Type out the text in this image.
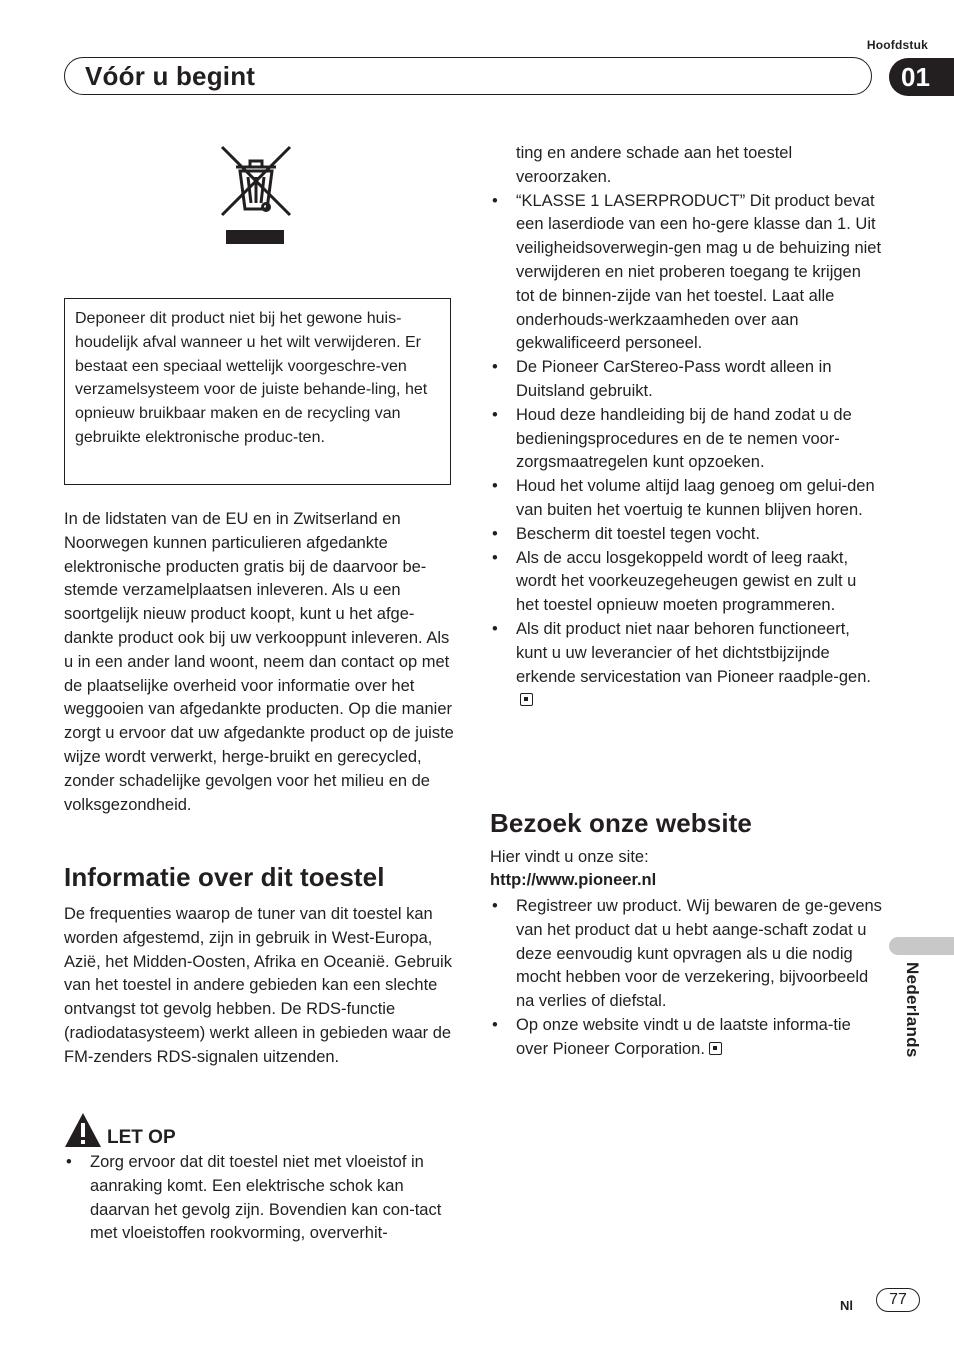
Hoofdstuk
Vóór u begint	01
Deponeer dit product niet bij het gewone huis-houdelijk afval wanneer u het wilt verwijderen. Er bestaat een speciaal wettelijk voorgeschre-ven verzamelsysteem voor de juiste behande-ling, het opnieuw bruikbaar maken en de recycling van gebruikte elektronische produc-ten.
In de lidstaten van de EU en in Zwitserland en Noorwegen kunnen particulieren afgedankte elektronische producten gratis bij de daarvoor be-stemde verzamelplaatsen inleveren. Als u een soortgelijk nieuw product koopt, kunt u het afge-dankte product ook bij uw verkooppunt inleveren. Als u in een ander land woont, neem dan contact op met de plaatselijke overheid voor informatie over het weggooien van afgedankte producten. Op die manier zorgt u ervoor dat uw afgedankte product op de juiste wijze wordt verwerkt, herge-bruikt en gerecycled, zonder schadelijke gevolgen voor het milieu en de volksgezondheid.
Informatie over dit toestel
De frequenties waarop de tuner van dit toestel kan worden afgestemd, zijn in gebruik in West-Europa, Azië, het Midden-Oosten, Afrika en Oceanië. Gebruik van het toestel in andere gebieden kan een slechte ontvangst tot gevolg hebben. De RDS-functie (radiodatasysteem) werkt alleen in gebieden waar de FM-zenders RDS-signalen uitzenden.
LET OP
• Zorg ervoor dat dit toestel niet met vloeistof in aanraking komt. Een elektrische schok kan daarvan het gevolg zijn. Bovendien kan con-tact met vloeistoffen rookvorming, oververhit-
ting en andere schade aan het toestel veroorzaken.
• “KLASSE 1 LASERPRODUCT” Dit product bevat een laserdiode van een ho-gere klasse dan 1. Uit veiligheidsoverwegin-gen mag u de behuizing niet verwijderen en niet proberen toegang te krijgen tot de binnen-zijde van het toestel. Laat alle onderhouds-werkzaamheden over aan gekwalificeerd personeel.
• De Pioneer CarStereo-Pass wordt alleen in Duitsland gebruikt.
• Houd deze handleiding bij de hand zodat u de bedieningsprocedures en de te nemen voor-zorgsmaatregelen kunt opzoeken.
• Houd het volume altijd laag genoeg om gelui-den van buiten het voertuig te kunnen blijven horen.
• Bescherm dit toestel tegen vocht.
• Als de accu losgekoppeld wordt of leeg raakt, wordt het voorkeuzegeheugen gewist en zult u het toestel opnieuw moeten programmeren.
• Als dit product niet naar behoren functioneert, kunt u uw leverancier of het dichtstbijzijnde erkende servicestation van Pioneer raadple-gen.
Bezoek onze website
Hier vindt u onze site:
http://www.pioneer.nl
• Registreer uw product. Wij bewaren de ge-gevens van het product dat u hebt aange-schaft zodat u deze eenvoudig kunt opvragen als u die nodig mocht hebben voor de verzekering, bijvoorbeeld na verlies of diefstal.
• Op onze website vindt u de laatste informa-tie over Pioneer Corporation.	Nederlands
Nl	77
